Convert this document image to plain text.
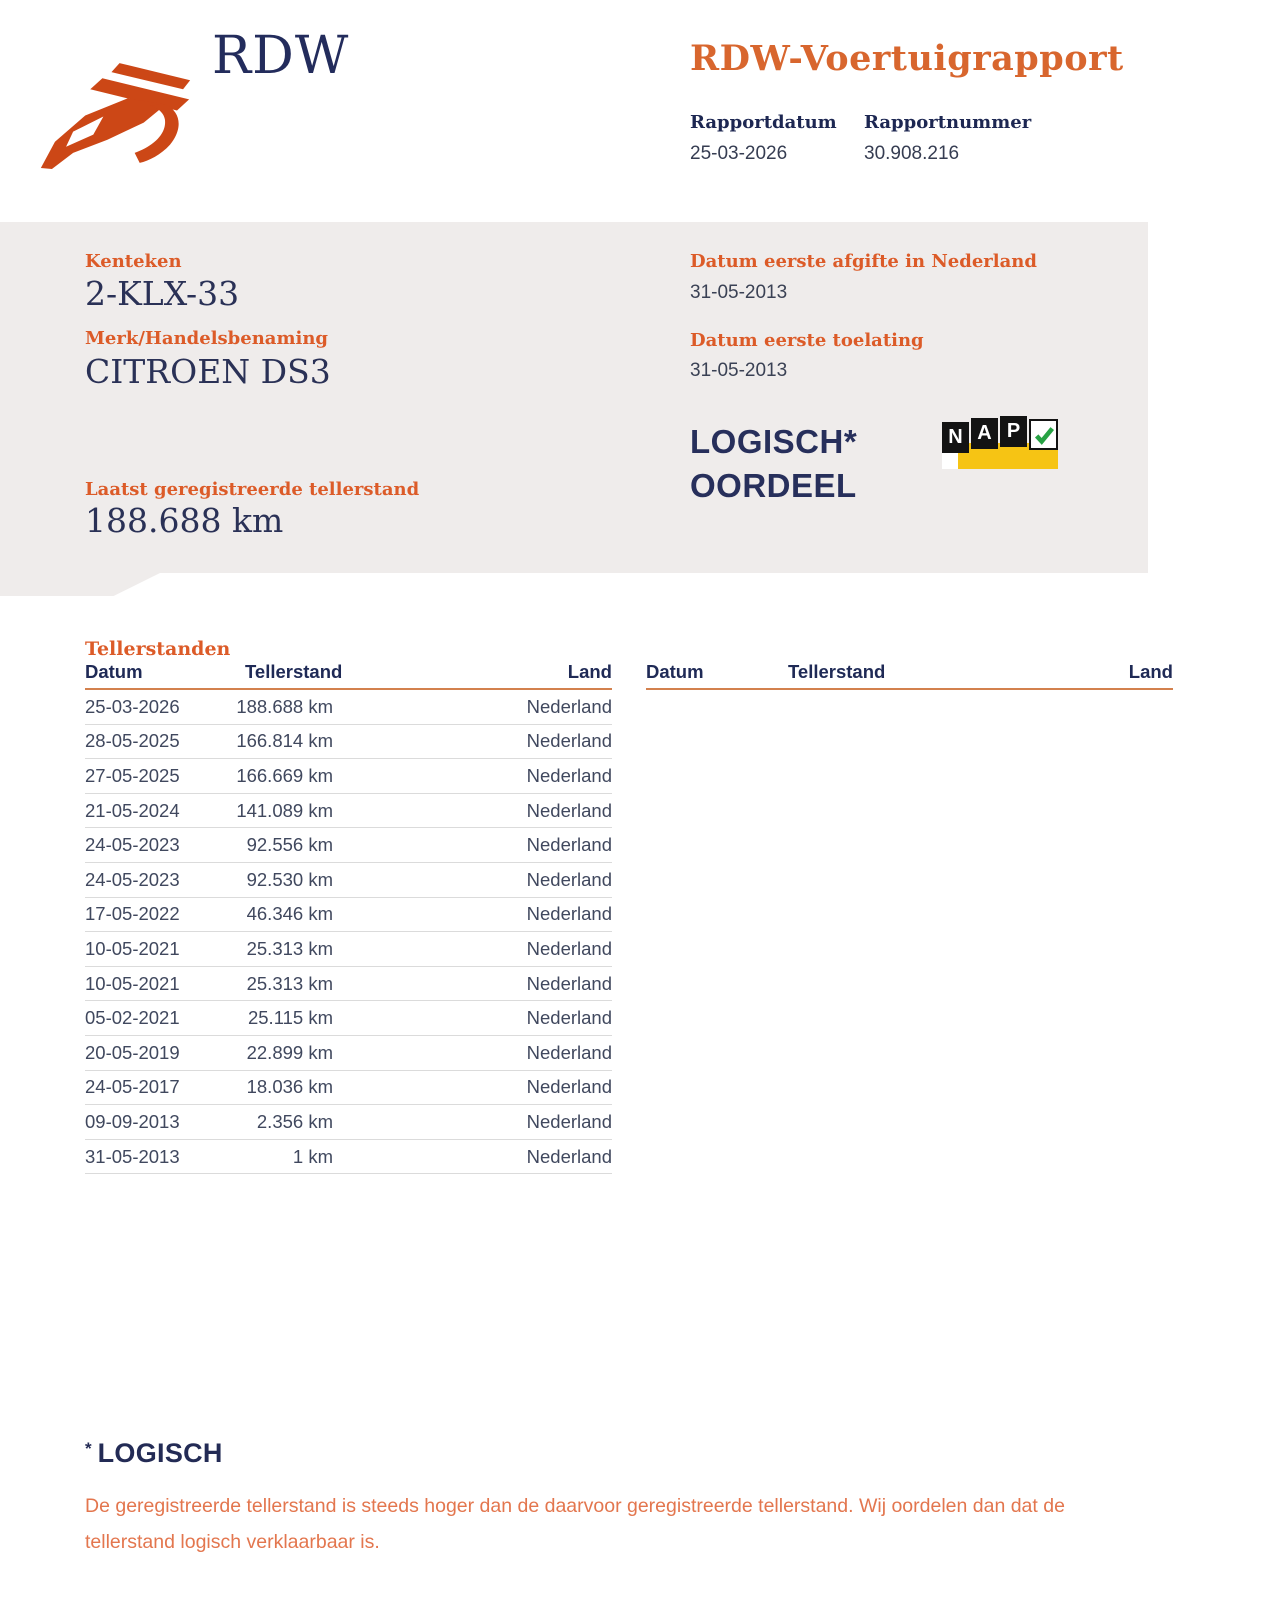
RDW	RDW-Voertuigrapport
Rapportdatum
25-03-2026
Rapportnummer
30.908.216
Kenteken
2-KLX-33
Merk/Handelsbenaming
CITROEN DS3
Datum eerste afgifte in Nederland
31-05-2013
Datum eerste toelating
31-05-2013
LOGISCH*
OORDEEL
N A P
Laatst geregistreerde tellerstand
188.688 km
Tellerstanden
Datum	Tellerstand	Land
25-03-2026	188.688 km	Nederland
28-05-2025	166.814 km	Nederland
27-05-2025	166.669 km	Nederland
21-05-2024	141.089 km	Nederland
24-05-2023	92.556 km	Nederland
24-05-2023	92.530 km	Nederland
17-05-2022	46.346 km	Nederland
10-05-2021	25.313 km	Nederland
10-05-2021	25.313 km	Nederland
05-02-2021	25.115 km	Nederland
20-05-2019	22.899 km	Nederland
24-05-2017	18.036 km	Nederland
09-09-2013	2.356 km	Nederland
31-05-2013	1 km	Nederland
Datum	Tellerstand	Land
* LOGISCH
De geregistreerde tellerstand is steeds hoger dan de daarvoor geregistreerde tellerstand. Wij oordelen dan dat de tellerstand logisch verklaarbaar is.
